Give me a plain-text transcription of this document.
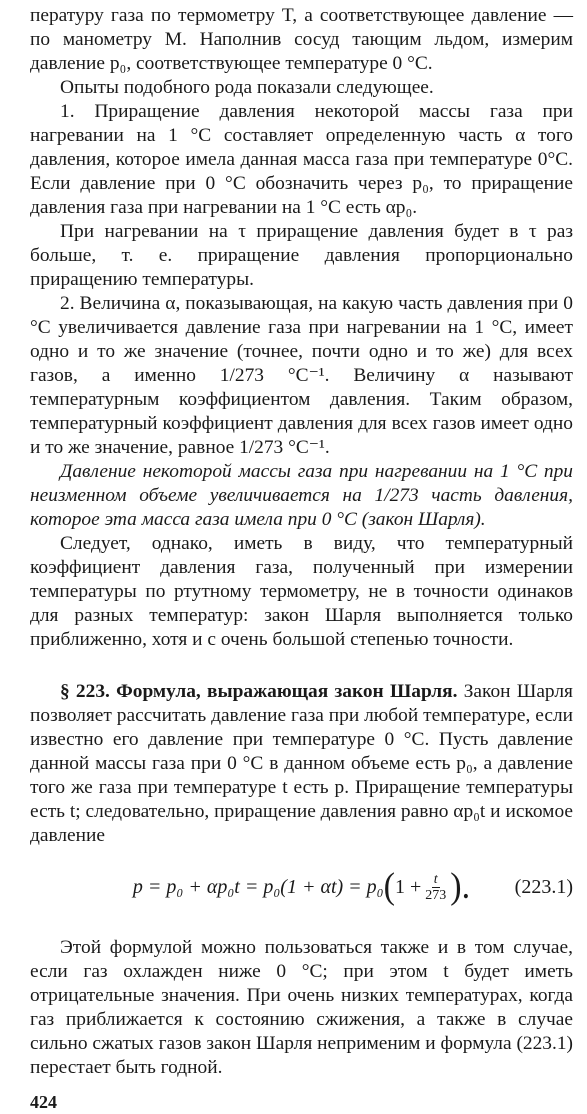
пературу газа по термометру T, а соответствующее давление — по манометру M. Наполнив сосуд тающим льдом, измерим давление p₀, соответствующее температуре 0 °C.

Опыты подобного рода показали следующее.

1. Приращение давления некоторой массы газа при нагревании на 1 °C составляет определенную часть α того давления, которое имела данная масса газа при температуре 0°C. Если давление при 0 °C обозначить через p₀, то приращение давления газа при нагревании на 1 °C есть αp₀.

При нагревании на τ приращение давления будет в τ раз больше, т. е. приращение давления пропорционально приращению температуры.

2. Величина α, показывающая, на какую часть давления при 0 °C увеличивается давление газа при нагревании на 1 °C, имеет одно и то же значение (точнее, почти одно и то же) для всех газов, а именно 1/273 °C⁻¹. Величину α называют температурным коэффициентом давления. Таким образом, температурный коэффициент давления для всех газов имеет одно и то же значение, равное 1/273 °C⁻¹.

Давление некоторой массы газа при нагревании на 1 °C при неизменном объеме увеличивается на 1/273 часть давления, которое эта масса газа имела при 0 °C (закон Шарля).

Следует, однако, иметь в виду, что температурный коэффициент давления газа, полученный при измерении температуры по ртутному термометру, не в точности одинаков для разных температур: закон Шарля выполняется только приближенно, хотя и с очень большой степенью точности.

§ 223. Формула, выражающая закон Шарля. Закон Шарля позволяет рассчитать давление газа при любой температуре, если известно его давление при температуре 0 °C. Пусть давление данной массы газа при 0 °C в данном объеме есть p₀, а давление того же газа при температуре t есть p. Приращение температуры есть t; следовательно, приращение давления равно αp₀t и искомое давление

p = p₀ + αp₀t = p₀(1 + αt) = p₀ ( $1 + \frac{t}{273}$ ). (223.1)

Этой формулой можно пользоваться также и в том случае, если газ охлажден ниже 0 °C; при этом t будет иметь отрицательные значения. При очень низких температурах, когда газ приближается к состоянию сжижения, а также в случае сильно сжатых газов закон Шарля неприменим и формула (223.1) перестает быть годной.

424
